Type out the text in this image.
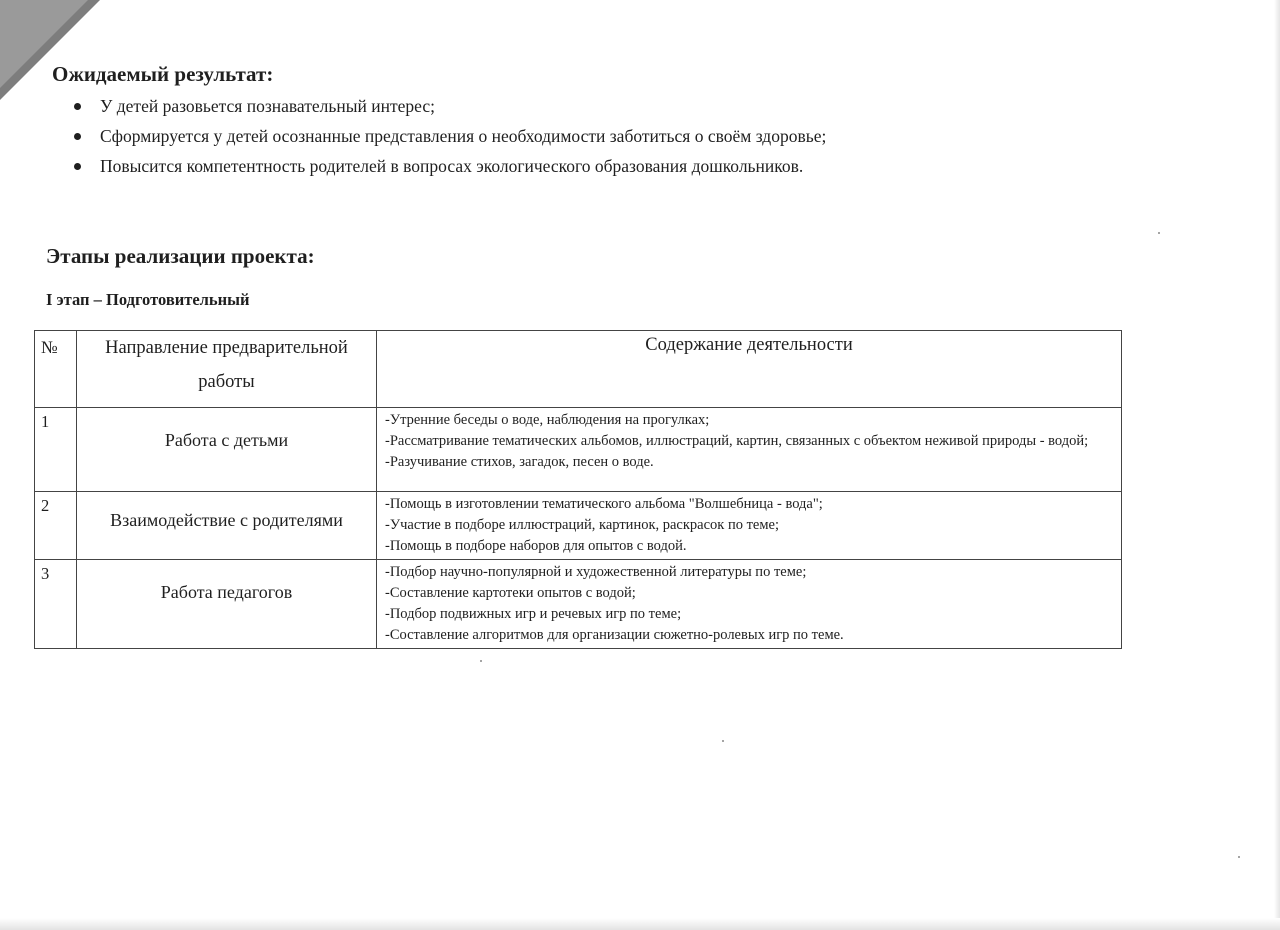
Ожидаемый результат:
У детей разовьется познавательный интерес;
Сформируется у детей осознанные представления о необходимости заботиться о своём здоровье;
Повысится компетентность родителей в вопросах экологического образования дошкольников.
Этапы реализации проекта:
I этап – Подготовительный
№	Направление предварительной работы	Содержание деятельности
1	Работа с детьми	-Утренние беседы о воде, наблюдения на прогулках;
-Рассматривание тематических альбомов, иллюстраций, картин, связанных с объектом неживой природы - водой;
-Разучивание стихов, загадок, песен о воде.

2	Взаимодействие с родителями	-Помощь в изготовлении тематического альбома "Волшебница - вода";
-Участие в подборе иллюстраций, картинок, раскрасок по теме;
-Помощь в подборе наборов для опытов с водой.

3	Работа педагогов	-Подбор научно-популярной и художественной литературы по теме;
-Составление картотеки опытов с водой;
-Подбор подвижных игр и речевых игр по теме;
-Составление алгоритмов для организации сюжетно-ролевых игр по теме.
